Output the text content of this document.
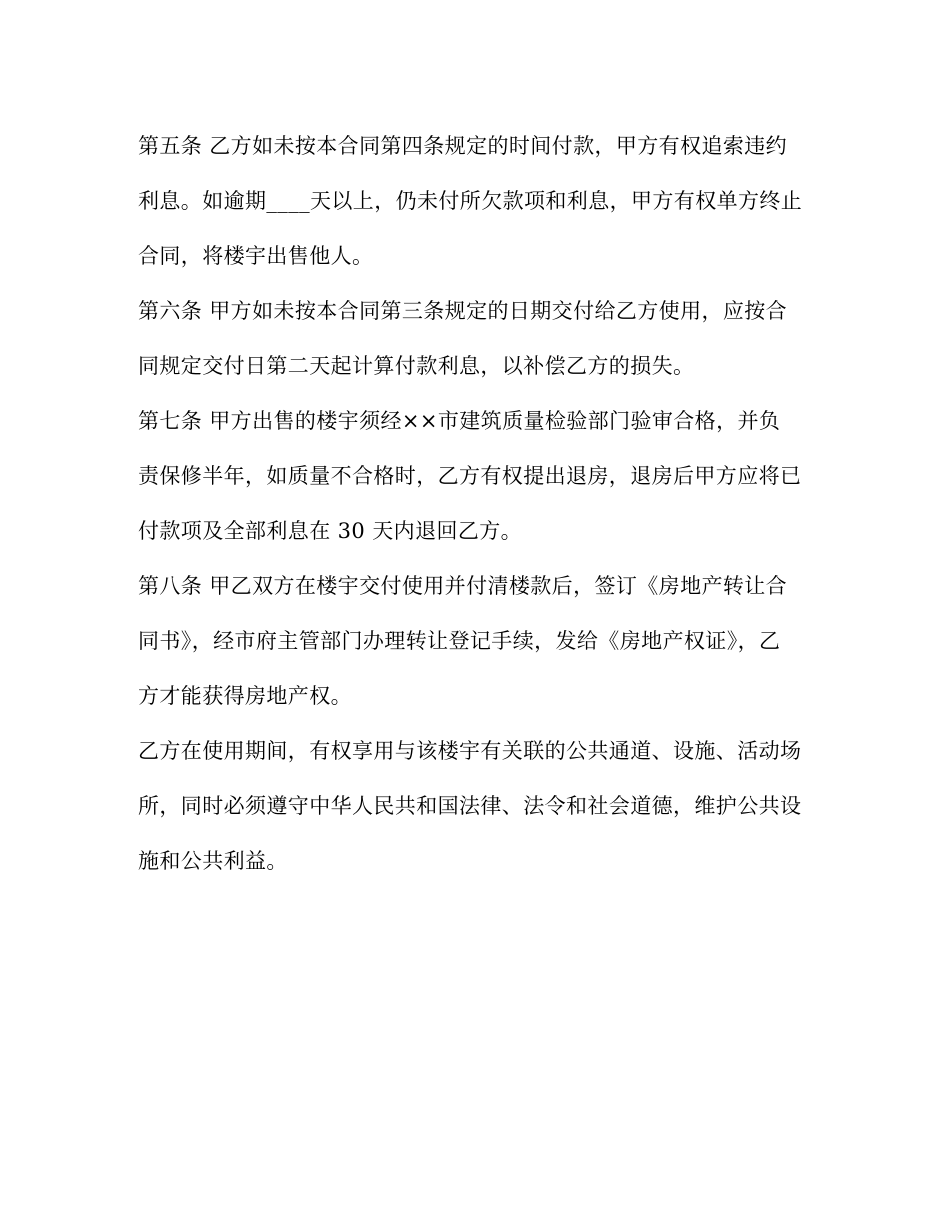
第五条 乙方如未按本合同第四条规定的时间付款，甲方有权追索违约
利息。如逾期____天以上，仍未付所欠款项和利息，甲方有权单方终止
合同，将楼宇出售他人。

第六条 甲方如未按本合同第三条规定的日期交付给乙方使用，应按合
同规定交付日第二天起计算付款利息，以补偿乙方的损失。

第七条 甲方出售的楼宇须经××市建筑质量检验部门验审合格，并负
责保修半年，如质量不合格时，乙方有权提出退房，退房后甲方应将已
付款项及全部利息在 30 天内退回乙方。

第八条 甲乙双方在楼宇交付使用并付清楼款后，签订《房地产转让合
同书》，经市府主管部门办理转让登记手续，发给《房地产权证》，乙
方才能获得房地产权。

乙方在使用期间，有权享用与该楼宇有关联的公共通道、设施、活动场
所，同时必须遵守中华人民共和国法律、法令和社会道德，维护公共设
施和公共利益。
